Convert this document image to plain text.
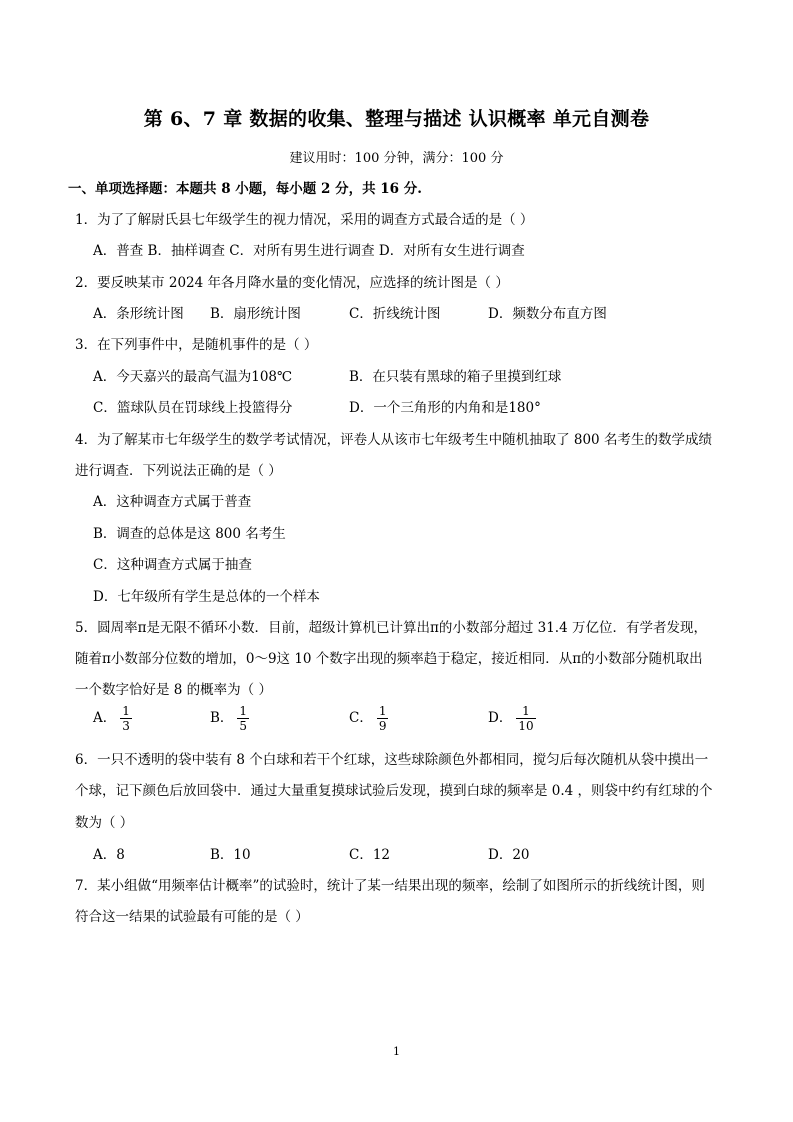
第 6、7 章 数据的收集、整理与描述 认识概率 单元自测卷
建议用时：100 分钟，满分：100 分
一、单项选择题：本题共 8 小题，每小题 2 分，共 16 分.
1．为了了解尉氏县七年级学生的视力情况，采用的调查方式最合适的是（ ）
A．普查 B．抽样调查 C．对所有男生进行调查 D．对所有女生进行调查
2．要反映某市 2024 年各月降水量的变化情况，应选择的统计图是（ ）
A．条形统计图 B．扇形统计图	C．折线统计图	D．频数分布直方图
3．在下列事件中，是随机事件的是（ ）
A．今天嘉兴的最高气温为108℃	B．在只装有黑球的箱子里摸到红球
C．篮球队员在罚球线上投篮得分	D．一个三角形的内角和是180°
4．为了解某市七年级学生的数学考试情况，评卷人从该市七年级考生中随机抽取了 800 名考生的数学成绩
进行调查．下列说法正确的是（ ）
A．这种调查方式属于普查
B．调查的总体是这 800 名考生
C．这种调查方式属于抽查
D．七年级所有学生是总体的一个样本
5．圆周率π是无限不循环小数．目前，超级计算机已计算出π的小数部分超过 31.4 万亿位．有学者发现，
随着π小数部分位数的增加，0～9这 10 个数字出现的频率趋于稳定，接近相同．从π的小数部分随机取出
一个数字恰好是 8 的概率为（ ）
A． $\frac{1}{3}$	B． $\frac{1}{5}$	C． $\frac{1}{9}$	D． $\frac{1}{10}$
6．一只不透明的袋中装有 8 个白球和若干个红球，这些球除颜色外都相同，搅匀后每次随机从袋中摸出一
个球，记下颜色后放回袋中．通过大量重复摸球试验后发现，摸到白球的频率是 0.4 ，则袋中约有红球的个
数为（ ）
A．8	B．10	C．12	D．20
7．某小组做“用频率估计概率”的试验时，统计了某一结果出现的频率，绘制了如图所示的折线统计图，则
符合这一结果的试验最有可能的是（ ）
1
